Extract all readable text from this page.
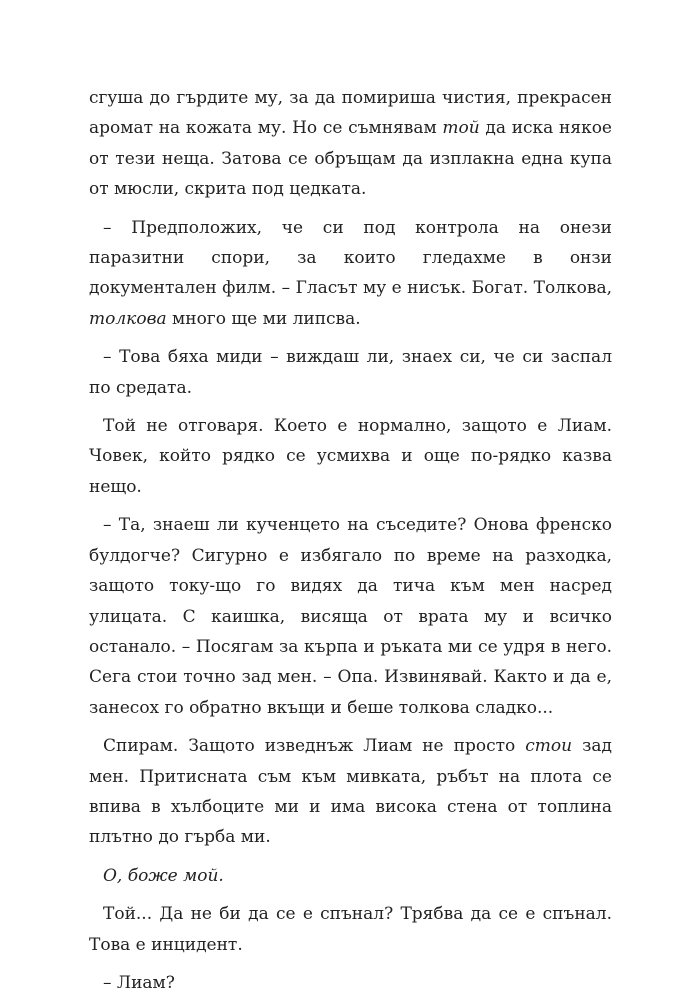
сгуша до гърдите му, за да помириша чистия, прекрасен аромат на кожата му. Но се съмнявам той да иска някое от тези неща. Затова се обръщам да изплакна една купа от мюсли, скрита под цедката.

– Предположих, че си под контрола на онези паразитни спори, за които гледахме в онзи документален филм. – Гласът му е нисък. Богат. Толкова, толкова много ще ми липсва.

– Това бяха миди – виждаш ли, знаех си, че си заспал по средата.

Той не отговаря. Което е нормално, защото е Лиам. Човек, който рядко се усмихва и още по-рядко казва нещо.

– Та, знаеш ли кученцето на съседите? Онова френско булдогче? Сигурно е избягало по време на разходка, защото току-що го видях да тича към мен насред улицата. С каишка, висяща от врата му и всичко останало. – Посягам за кърпа и ръката ми се удря в него. Сега стои точно зад мен. – Опа. Извинявай. Както и да е, занесох го обратно вкъщи и беше толкова сладко...

Спирам. Защото изведнъж Лиам не просто стои зад мен. Притисната съм към мивката, ръбът на плота се впива в хълбоците ми и има висока стена от топлина плътно до гърба ми.

О, боже мой.

Той... Да не би да се е спънал? Трябва да се е спънал. Това е инцидент.

– Лиам?
